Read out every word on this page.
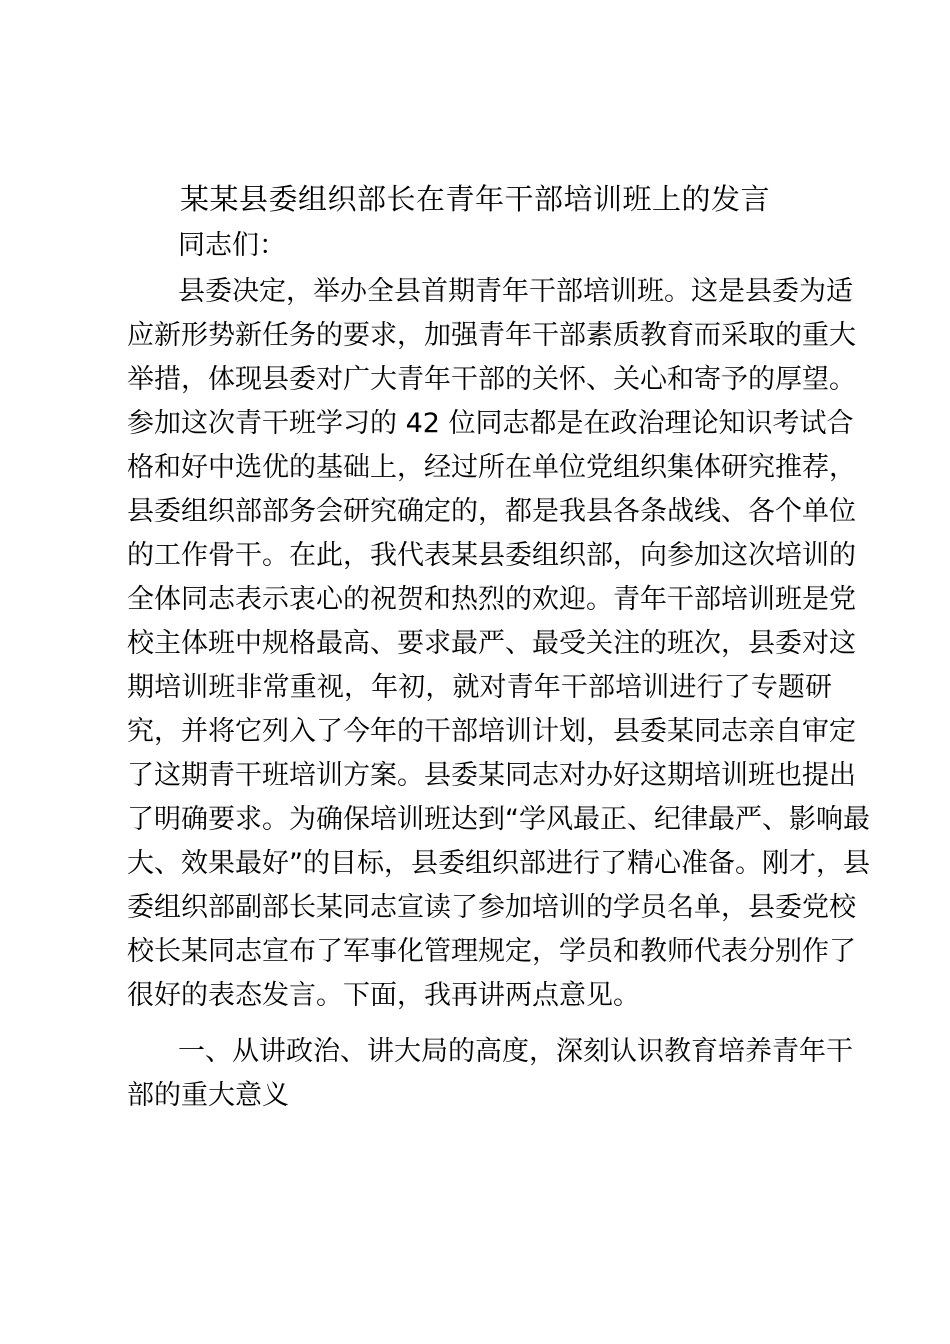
某某县委组织部长在青年干部培训班上的发言
同志们：
县委决定，举办全县首期青年干部培训班。这是县委为适
应新形势新任务的要求，加强青年干部素质教育而采取的重大
举措，体现县委对广大青年干部的关怀、关心和寄予的厚望。
参加这次青干班学习的 42 位同志都是在政治理论知识考试合
格和好中选优的基础上，经过所在单位党组织集体研究推荐，
县委组织部部务会研究确定的，都是我县各条战线、各个单位
的工作骨干。在此，我代表某县委组织部，向参加这次培训的
全体同志表示衷心的祝贺和热烈的欢迎。青年干部培训班是党
校主体班中规格最高、要求最严、最受关注的班次，县委对这
期培训班非常重视，年初，就对青年干部培训进行了专题研
究，并将它列入了今年的干部培训计划，县委某同志亲自审定
了这期青干班培训方案。县委某同志对办好这期培训班也提出
了明确要求。为确保培训班达到“学风最正、纪律最严、影响最
大、效果最好”的目标，县委组织部进行了精心准备。刚才，县
委组织部副部长某同志宣读了参加培训的学员名单，县委党校
校长某同志宣布了军事化管理规定，学员和教师代表分别作了
很好的表态发言。下面，我再讲两点意见。
一、从讲政治、讲大局的高度，深刻认识教育培养青年干
部的重大意义
